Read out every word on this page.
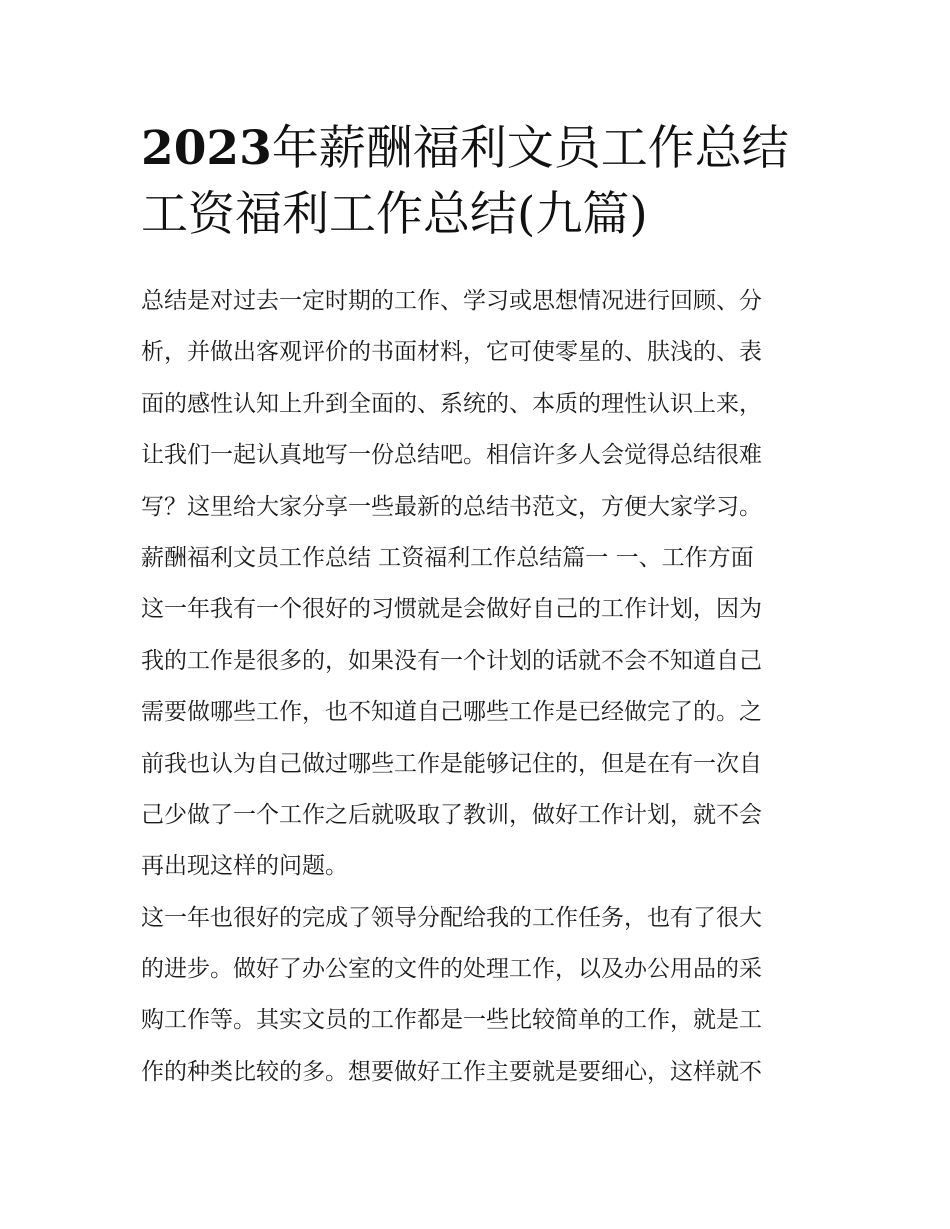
2023年薪酬福利文员工作总结
工资福利工作总结(九篇)
总结是对过去一定时期的工作、学习或思想情况进行回顾、分
析，并做出客观评价的书面材料，它可使零星的、肤浅的、表
面的感性认知上升到全面的、系统的、本质的理性认识上来，
让我们一起认真地写一份总结吧。相信许多人会觉得总结很难
写？这里给大家分享一些最新的总结书范文，方便大家学习。
薪酬福利文员工作总结 工资福利工作总结篇一 一、工作方面
这一年我有一个很好的习惯就是会做好自己的工作计划，因为
我的工作是很多的，如果没有一个计划的话就不会不知道自己
需要做哪些工作，也不知道自己哪些工作是已经做完了的。之
前我也认为自己做过哪些工作是能够记住的，但是在有一次自
己少做了一个工作之后就吸取了教训，做好工作计划，就不会
再出现这样的问题。
这一年也很好的完成了领导分配给我的工作任务，也有了很大
的进步。做好了办公室的文件的处理工作，以及办公用品的采
购工作等。其实文员的工作都是一些比较简单的工作，就是工
作的种类比较的多。想要做好工作主要就是要细心，这样就不
